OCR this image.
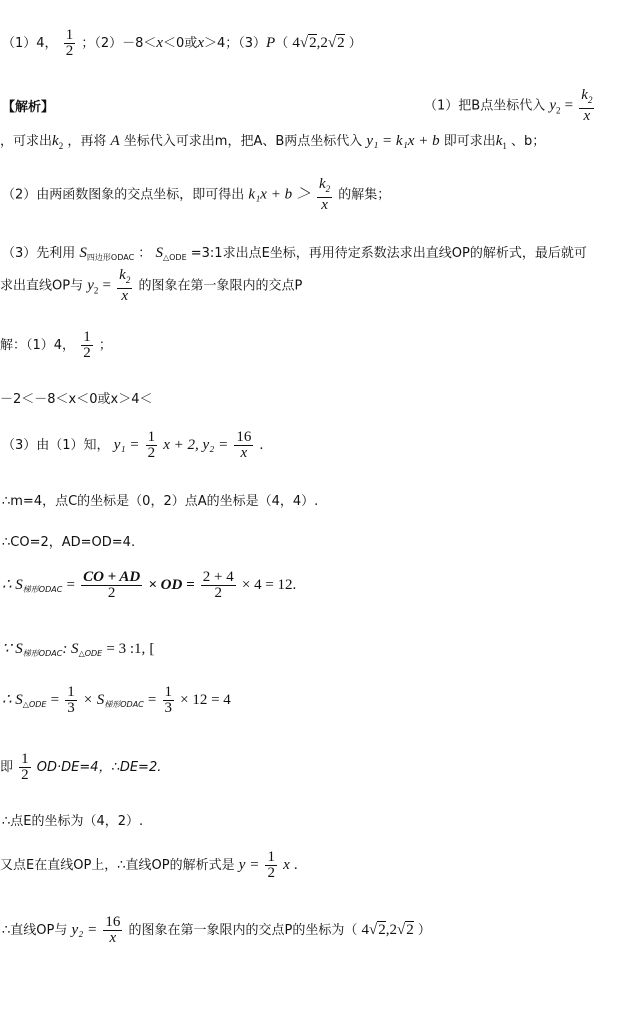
（1）4， $\frac{1}{2}$ ；（2）－8＜x＜0或x＞4；（3）P（ 4√2,2√2 ）
【解析】	（1）把B点坐标代入 $y_2 = \frac{k_2}{x}$
，可求出$k_2$ ，再将 A 坐标代入可求出m，把A、B两点坐标代入 y₁ = k₁x + b 即可求出$k_1$ 、b；
（2）由两函数图象的交点坐标，即可得出 $k_1x + b > \frac{k_2}{x}$ 的解集；
（3）先利用 $S_{四边形ODAC}$ ： $S_{\triangle ODE}$ =3:1求出点E坐标，再用待定系数法求出直线OP的解析式，最后就可
求出直线OP与 $y_2 = \frac{k_2}{x}$ 的图象在第一象限内的交点P
解：（1）4， $\frac{1}{2}$ ；
－2＜－8＜x＜0或x＞4＜
（3）由（1）知， $y_1 = \frac{1}{2}$ x + 2, $y_2 = \frac{16}{x}$ .
∴m=4，点C的坐标是（0，2）点A的坐标是（4，4）.
∴CO=2，AD=OD=4.
∴ $S_{梯形ODAC} = \frac{CO + AD}{2}$ × OD = $\frac{2 + 4}{2} \times 4 = 12$.
∵ $S_{梯形ODAC}$: $S_{\triangle ODE} = 3$ :1, [
∴ $S_{\triangle ODE} = \frac{1}{3} \times S_{梯形ODAC} = \frac{1}{3} \times 12 = 4$
即 $\frac{1}{2} OD\cdot DE=4$，∴DE=2.
∴点E的坐标为（4，2）.
又点E在直线OP上，∴直线OP的解析式是 $y = \frac{1}{2}$ x .
∴直线OP与 $y_2 = \frac{16}{x}$ 的图象在第一象限内的交点P的坐标为（ 4√2,2√2 ）
